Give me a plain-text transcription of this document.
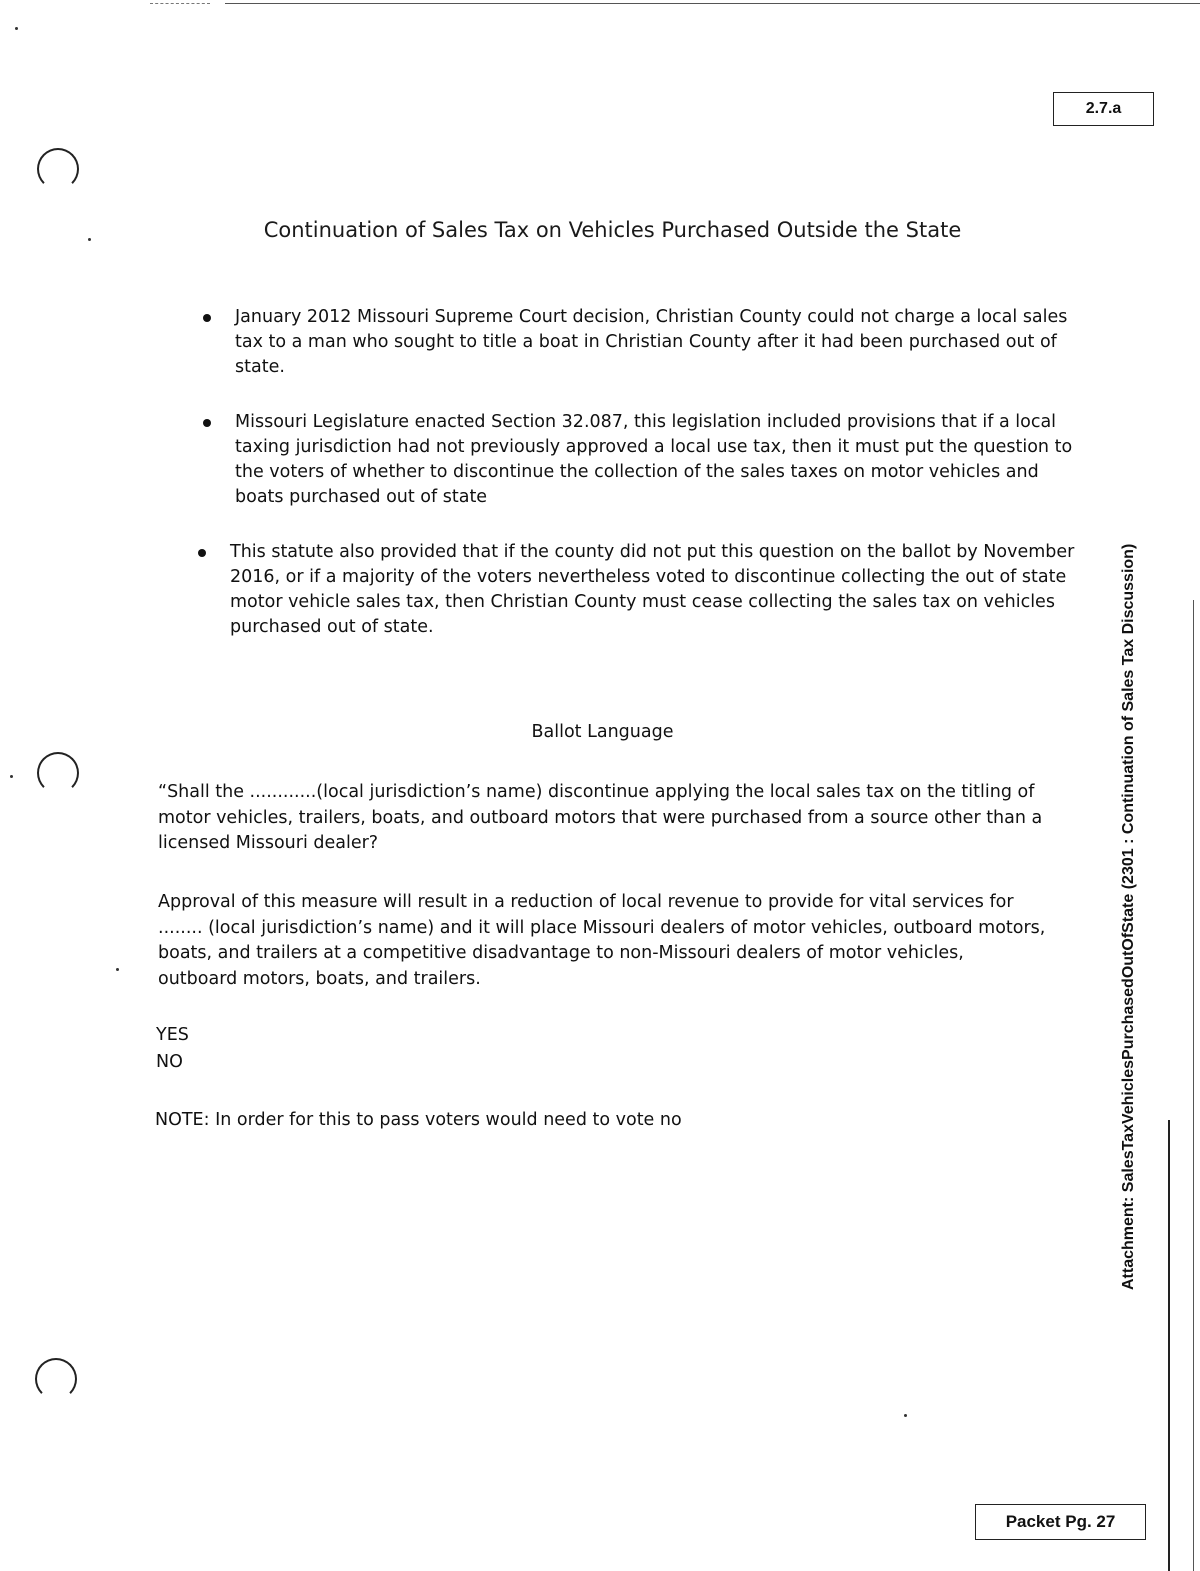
2.7.a
Continuation of Sales Tax on Vehicles Purchased Outside the State
January 2012 Missouri Supreme Court decision, Christian County could not charge a local sales tax to a man who sought to title a boat in Christian County after it had been purchased out of state.
Missouri Legislature enacted Section 32.087, this legislation included provisions that if a local taxing jurisdiction had not previously approved a local use tax, then it must put the question to the voters of whether to discontinue the collection of the sales taxes on motor vehicles and boats purchased out of state
This statute also provided that if the county did not put this question on the ballot by November 2016, or if a majority of the voters nevertheless voted to discontinue collecting the out of state motor vehicle sales tax, then Christian County must cease collecting the sales tax on vehicles purchased out of state.
Ballot Language

“Shall the ............(local jurisdiction’s name) discontinue applying the local sales tax on the titling of motor vehicles, trailers, boats, and outboard motors that were purchased from a source other than a licensed Missouri dealer?

Approval of this measure will result in a reduction of local revenue to provide for vital services for ........ (local jurisdiction’s name) and it will place Missouri dealers of motor vehicles, outboard motors, boats, and trailers at a competitive disadvantage to non-Missouri dealers of motor vehicles, outboard motors, boats, and trailers.

YES
NO
NOTE: In order for this to pass voters would need to vote no	Attachment: SalesTaxVehiclesPurchasedOutOfState (2301 : Continuation of Sales Tax Discussion)
Packet Pg. 27
